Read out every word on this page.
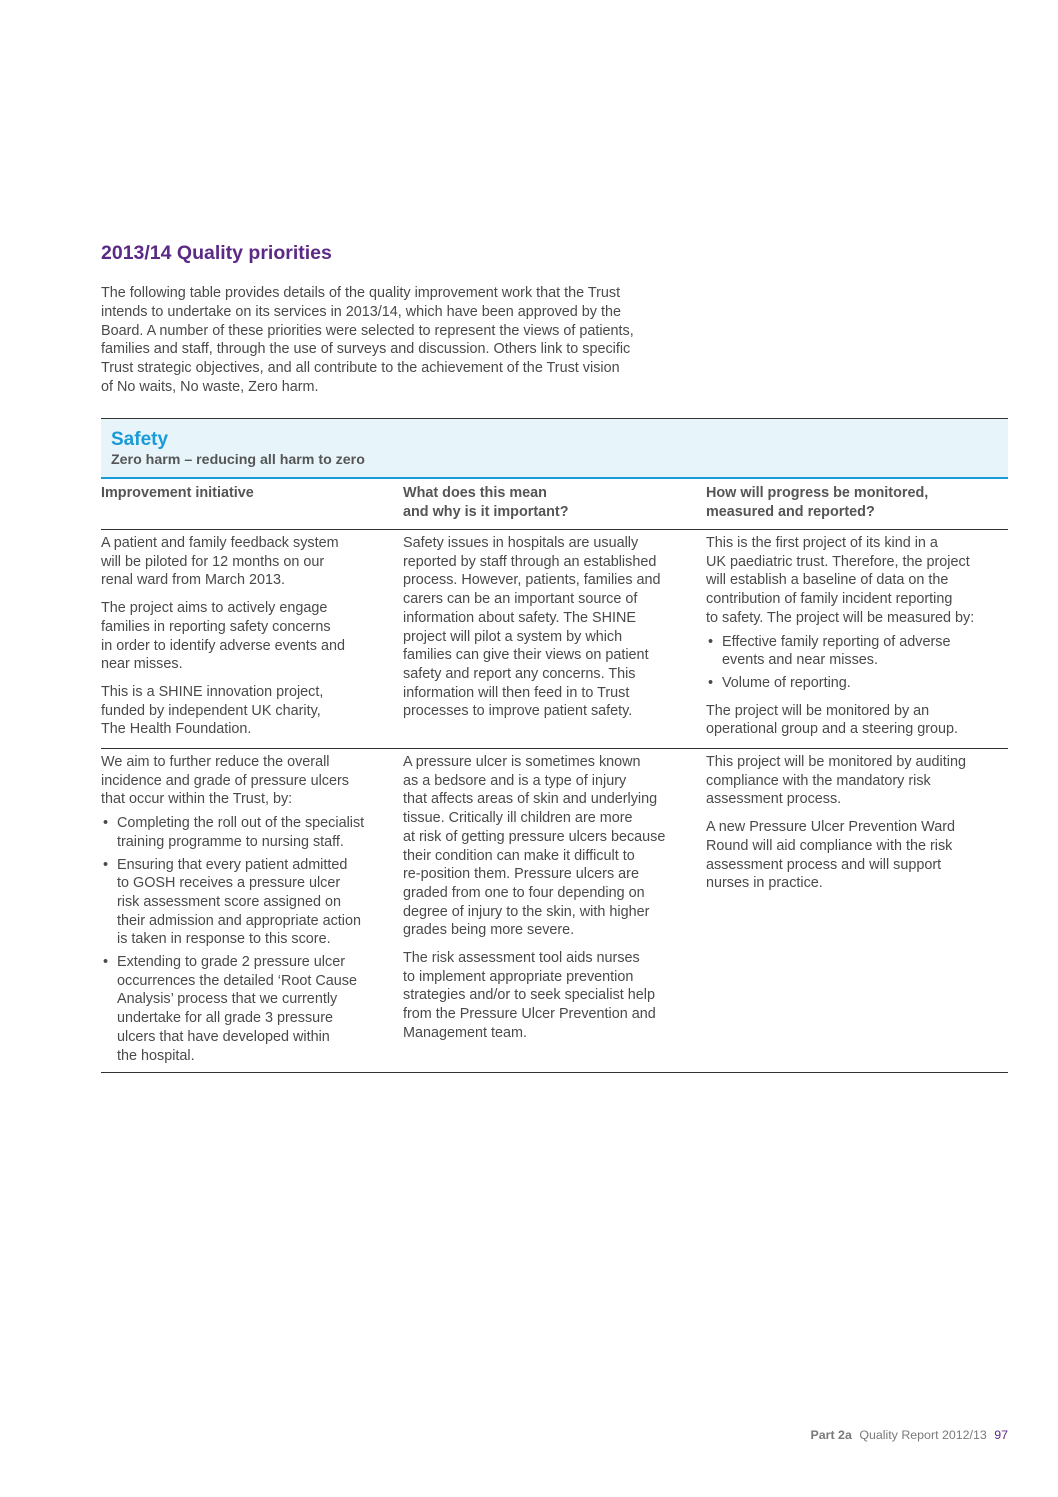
2013/14 Quality priorities
The following table provides details of the quality improvement work that the Trust
intends to undertake on its services in 2013/14, which have been approved by the
Board. A number of these priorities were selected to represent the views of patients,
families and staff, through the use of surveys and discussion. Others link to specific
Trust strategic objectives, and all contribute to the achievement of the Trust vision
of No waits, No waste, Zero harm.
Safety
Zero harm – reducing all harm to zero
Improvement initiative	What does this mean
and why is it important?
How will progress be monitored,
measured and reported?
A patient and family feedback system
will be piloted for 12 months on our
renal ward from March 2013.
The project aims to actively engage
families in reporting safety concerns
in order to identify adverse events and
near misses.
This is a SHINE innovation project,
funded by independent UK charity,
The Health Foundation.
Safety issues in hospitals are usually
reported by staff through an established
process. However, patients, families and
carers can be an important source of
information about safety. The SHINE
project will pilot a system by which
families can give their views on patient
safety and report any concerns. This
information will then feed in to Trust
processes to improve patient safety.
This is the first project of its kind in a
UK paediatric trust. Therefore, the project
will establish a baseline of data on the
contribution of family incident reporting
to safety. The project will be measured by:
• Effective family reporting of adverse
events and near misses.
• Volume of reporting.
The project will be monitored by an
operational group and a steering group.
We aim to further reduce the overall
incidence and grade of pressure ulcers
that occur within the Trust, by:
• Completing the roll out of the specialist
training programme to nursing staff.
• Ensuring that every patient admitted
to GOSH receives a pressure ulcer
risk assessment score assigned on
their admission and appropriate action
is taken in response to this score.
• Extending to grade 2 pressure ulcer
occurrences the detailed ‘Root Cause
Analysis’ process that we currently
undertake for all grade 3 pressure
ulcers that have developed within
the hospital.
A pressure ulcer is sometimes known
as a bedsore and is a type of injury
that affects areas of skin and underlying
tissue. Critically ill children are more
at risk of getting pressure ulcers because
their condition can make it difficult to
re-position them. Pressure ulcers are
graded from one to four depending on
degree of injury to the skin, with higher
grades being more severe.
The risk assessment tool aids nurses
to implement appropriate prevention
strategies and/or to seek specialist help
from the Pressure Ulcer Prevention and
Management team.
This project will be monitored by auditing
compliance with the mandatory risk
assessment process.
A new Pressure Ulcer Prevention Ward
Round will aid compliance with the risk
assessment process and will support
nurses in practice.
Part 2a Quality Report 2012/13 97
